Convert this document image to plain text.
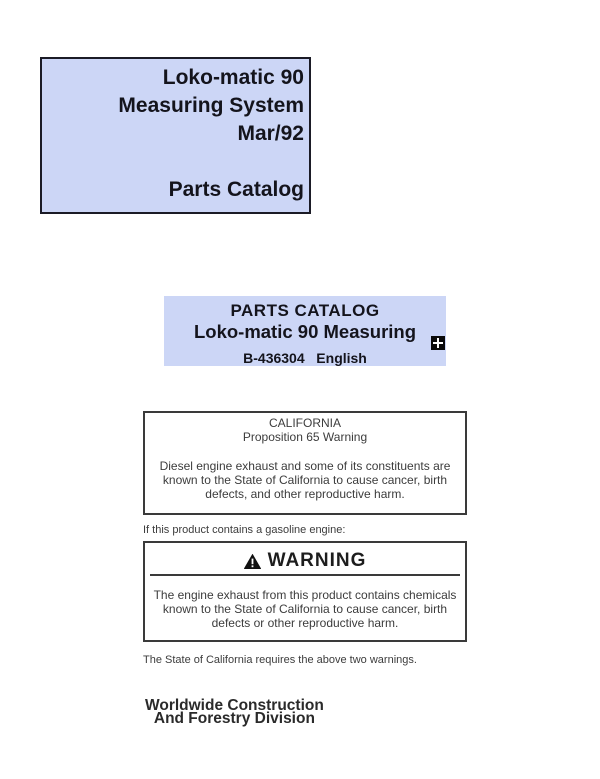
Loko-matic 90
Measuring System
Mar/92
Parts Catalog
PARTS CATALOG
Loko-matic 90 Measuring
B-436304   English
CALIFORNIA
Proposition 65 Warning
Diesel engine exhaust and some of its constituents are
known to the State of California to cause cancer, birth
defects, and other reproductive harm.
If this product contains a gasoline engine:
WARNING
The engine exhaust from this product contains chemicals
known to the State of California to cause cancer, birth
defects or other reproductive harm.
The State of California requires the above two warnings.
Worldwide Construction
And Forestry Division
